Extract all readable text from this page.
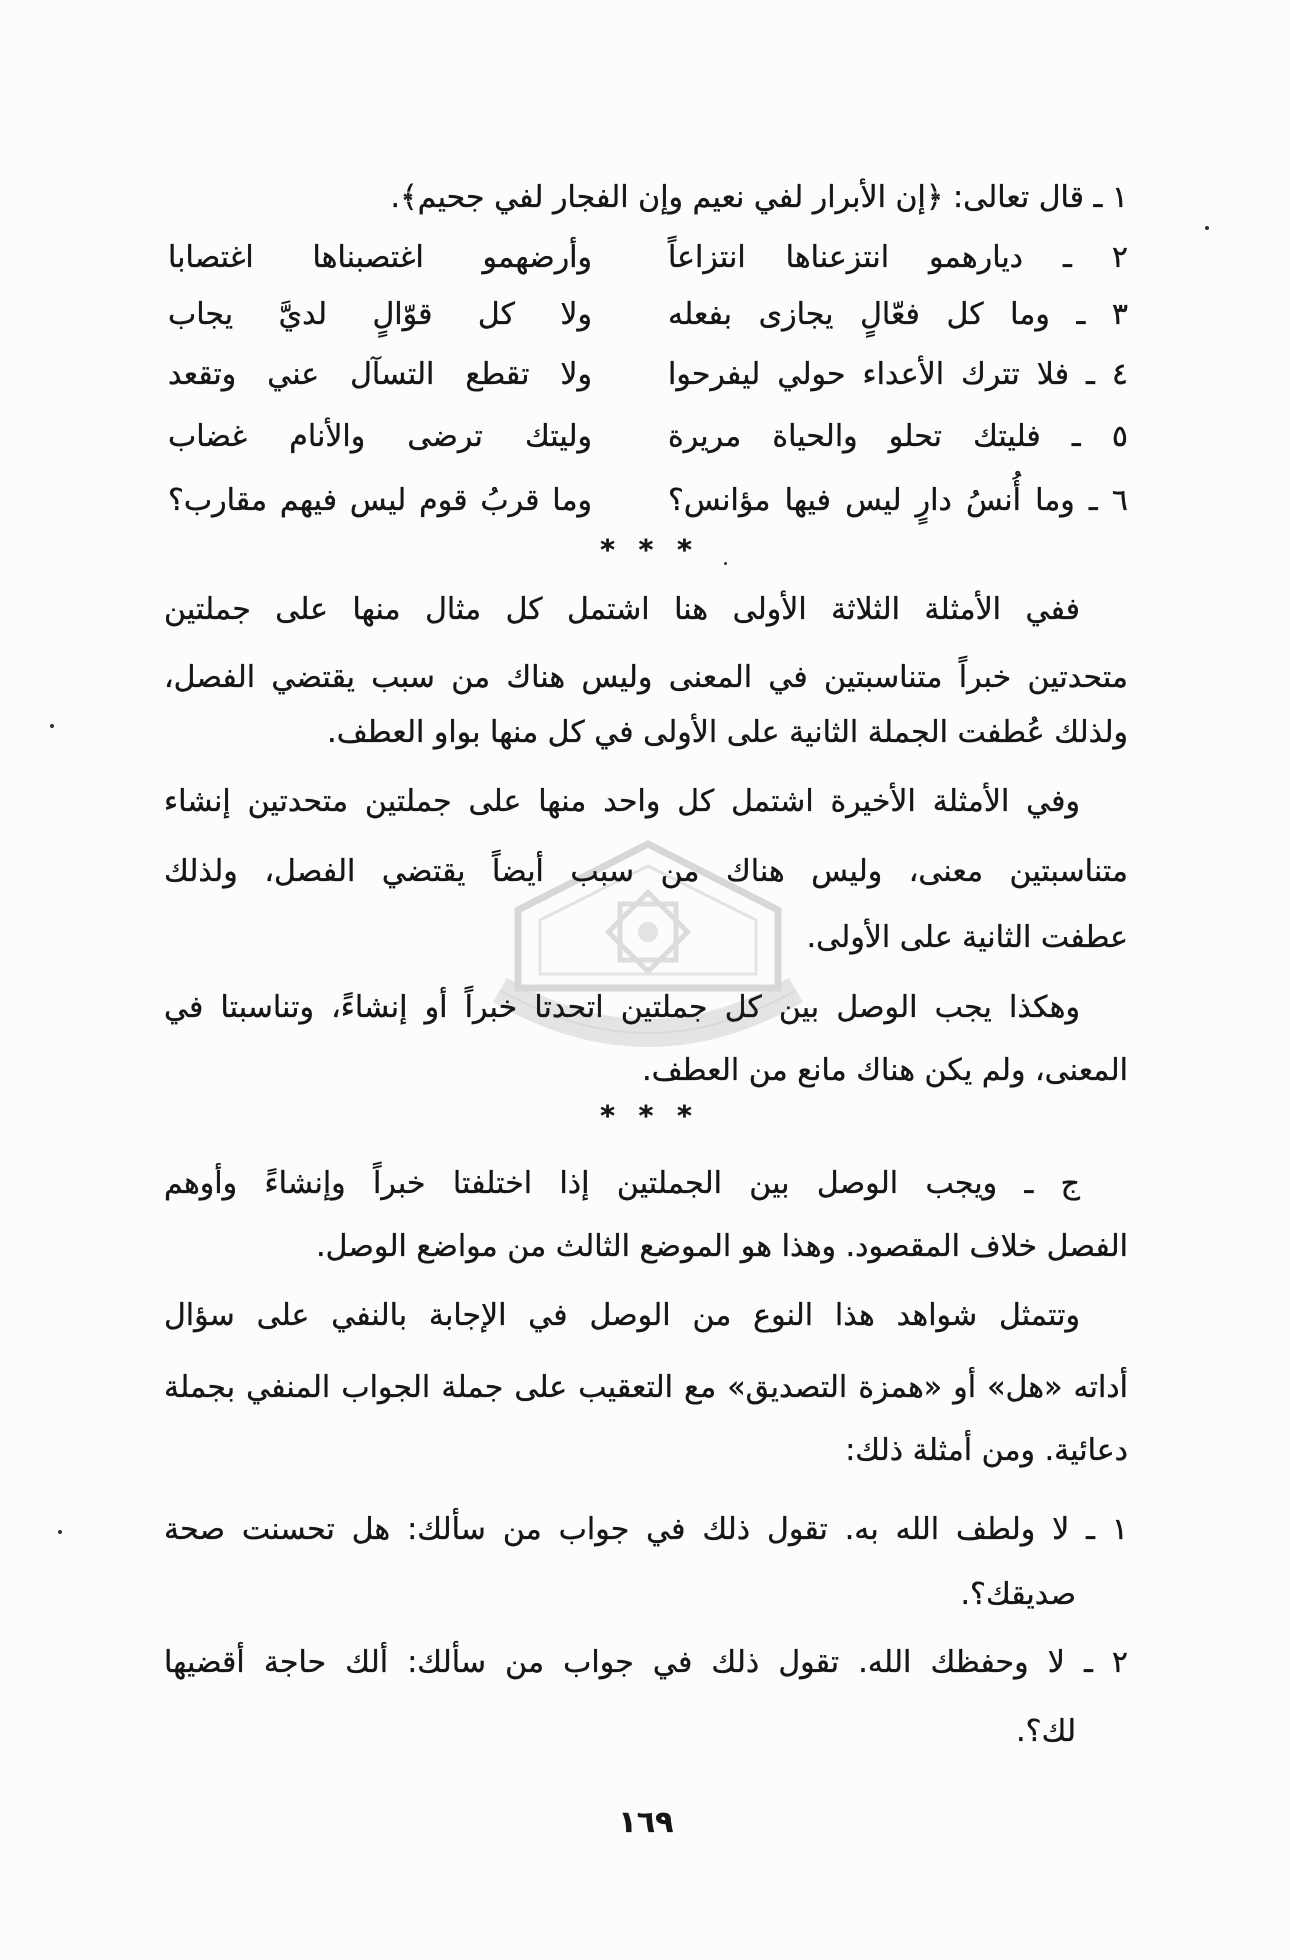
١ ـ قال تعالى: ﴿إن الأبرار لفي نعيم وإن الفجار لفي جحيم﴾.
٢ ـ ديارهمو انتزعناها انتزاعاً
وأرضهمو اغتصبناها اغتصابا
٣ ـ وما كل فعّالٍ يجازى بفعله
ولا كل قوّالٍ لديَّ يجاب
٤ ـ فلا تترك الأعداء حولي ليفرحوا
ولا تقطع التسآل عني وتقعد
٥ ـ فليتك تحلو والحياة مريرة
وليتك ترضى والأنام غضاب
٦ ـ وما أُنسُ دارٍ ليس فيها مؤانس؟
وما قربُ قوم ليس فيهم مقارب؟
* * *
ففي الأمثلة الثلاثة الأولى هنا اشتمل كل مثال منها على جملتين
متحدتين خبراً متناسبتين في المعنى وليس هناك من سبب يقتضي الفصل،
ولذلك عُطفت الجملة الثانية على الأولى في كل منها بواو العطف.
وفي الأمثلة الأخيرة اشتمل كل واحد منها على جملتين متحدتين إنشاء
متناسبتين معنى، وليس هناك من سبب أيضاً يقتضي الفصل، ولذلك
عطفت الثانية على الأولى.
وهكذا يجب الوصل بين كل جملتين اتحدتا خبراً أو إنشاءً، وتناسبتا في
المعنى، ولم يكن هناك مانع من العطف.
* * *
ج ـ ويجب الوصل بين الجملتين إذا اختلفتا خبراً وإنشاءً وأوهم
الفصل خلاف المقصود. وهذا هو الموضع الثالث من مواضع الوصل.
وتتمثل شواهد هذا النوع من الوصل في الإجابة بالنفي على سؤال
أداته «هل» أو «همزة التصديق» مع التعقيب على جملة الجواب المنفي بجملة
دعائية. ومن أمثلة ذلك:
١ ـ لا ولطف الله به. تقول ذلك في جواب من سألك: هل تحسنت صحة
صديقك؟.
٢ ـ لا وحفظك الله. تقول ذلك في جواب من سألك: ألك حاجة أقضيها
لك؟.
١٦٩
